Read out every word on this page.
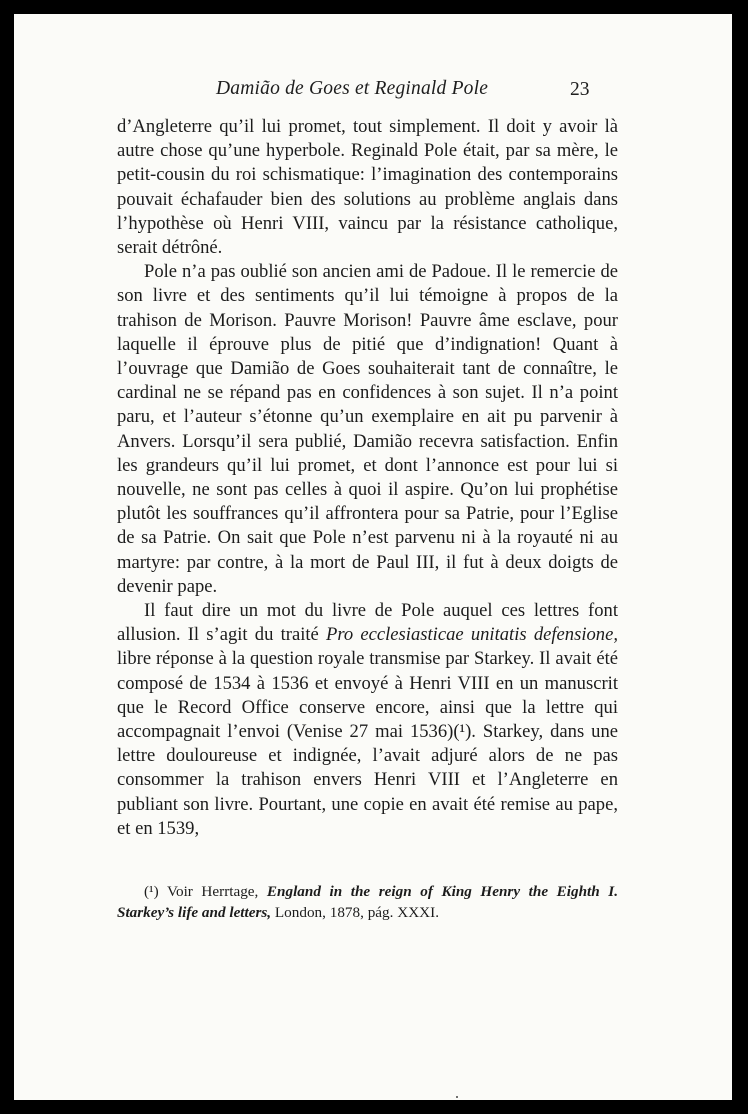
Damião de Goes et Reginald Pole	23

d’Angleterre qu’il lui promet, tout simplement. Il doit y avoir là autre chose qu’une hyperbole. Reginald Pole était, par sa mère, le petit-cousin du roi schismatique: l’imagination des contemporains pouvait échafauder bien des solutions au problème anglais dans l’hypothèse où Henri VIII, vaincu par la résistance catholique, serait détrôné.

Pole n’a pas oublié son ancien ami de Padoue. Il le remercie de son livre et des sentiments qu’il lui témoigne à propos de la trahison de Morison. Pauvre Morison! Pauvre âme esclave, pour laquelle il éprouve plus de pitié que d’indignation! Quant à l’ouvrage que Damião de Goes souhaiterait tant de connaître, le cardinal ne se répand pas en confidences à son sujet. Il n’a point paru, et l’auteur s’étonne qu’un exemplaire en ait pu parvenir à Anvers. Lorsqu’il sera publié, Damião recevra satisfaction. Enfin les grandeurs qu’il lui promet, et dont l’annonce est pour lui si nouvelle, ne sont pas celles à quoi il aspire. Qu’on lui prophétise plutôt les souffrances qu’il affrontera pour sa Patrie, pour l’Eglise de sa Patrie. On sait que Pole n’est parvenu ni à la royauté ni au martyre: par contre, à la mort de Paul III, il fut à deux doigts de devenir pape.

Il faut dire un mot du livre de Pole auquel ces lettres font allusion. Il s’agit du traité Pro ecclesiasticae unitatis defensione, libre réponse à la question royale transmise par Starkey. Il avait été composé de 1534 à 1536 et envoyé à Henri VIII en un manuscrit que le Record Office conserve encore, ainsi que la lettre qui accompagnait l’envoi (Venise 27 mai 1536)(¹). Starkey, dans une lettre douloureuse et indignée, l’avait adjuré alors de ne pas consommer la trahison envers Henri VIII et l’Angleterre en publiant son livre. Pourtant, une copie en avait été remise au pape, et en 1539,

(¹) Voir Herrtage, England in the reign of King Henry the Eighth I. Starkey’s life and letters, London, 1878, pág. XXXI.
